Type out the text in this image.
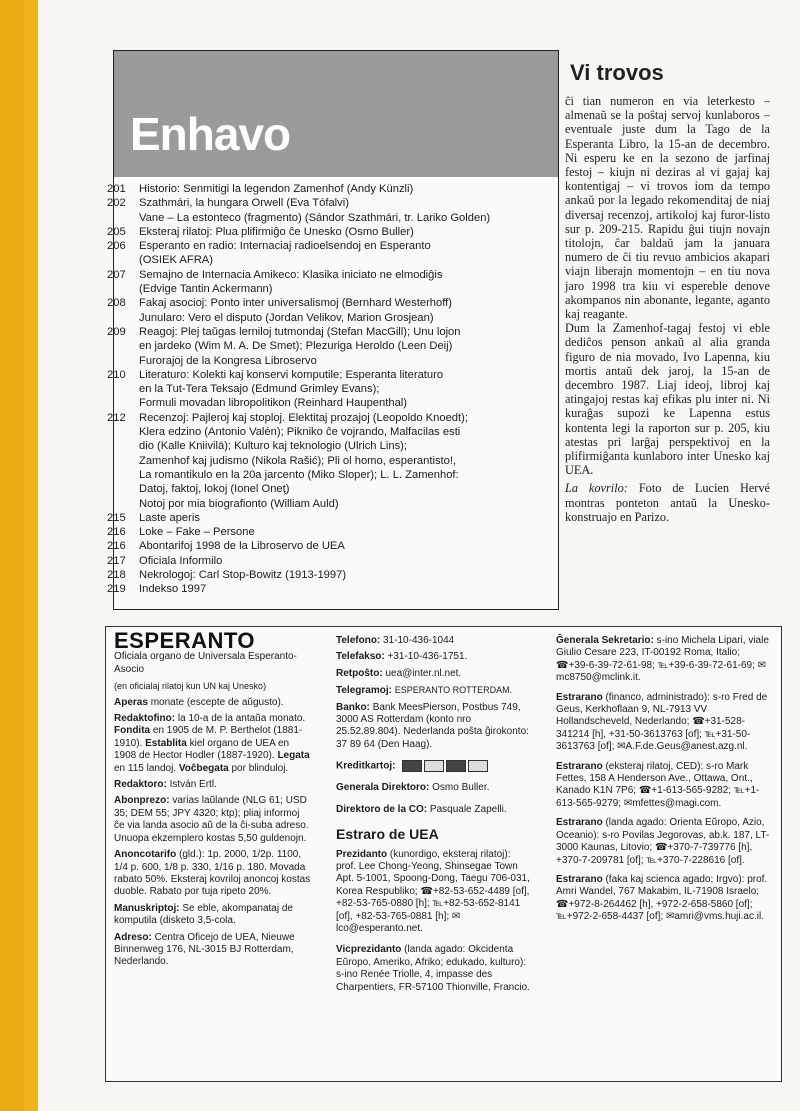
Enhavo
201	Historio: Senmitigi la legendon Zamenhof (Andy Künzli)
202	Szathmári, la hungara Orwell (Eva Tófalvi)
Vane – La estonteco (fragmento) (Sándor Szathmári, tr. Lariko Golden)
205	Eksteraj rilatoj: Plua plifirmiĝo ĉe Unesko (Osmo Buller)
206	Esperanto en radio: Internaciaj radioelsendoj en Esperanto
(OSIEK AFRA)
207	Semajno de Internacia Amikeco: Klasika iniciato ne elmodiĝis
(Edvige Tantin Ackermann)
208	Fakaj asocioj: Ponto inter universalismoj (Bernhard Westerhoff)
Junularo: Vero el disputo (Jordan Velikov, Marion Grosjean)
209	Reagoj: Plej taŭgas lerniloj tutmondaj (Stefan MacGill); Unu lojon
en jardeko (Wim M. A. De Smet); Plezuriga Heroldo (Leen Deij)
Furorajoj de la Kongresa Libroservo
210	Literaturo: Kolekti kaj konservi komputile; Esperanta literaturo
en la Tut-Tera Teksajo (Edmund Grimley Evans);
Formuli movadan libropolitikon (Reinhard Haupenthal)
212	Recenzoj: Pajleroj kaj stoploj. Elektitaj prozajoj (Leopoldo Knoedt);
Klera edzino (Antonio Valén); Pikniko ĉe vojrando, Malfacilas esti
dio (Kalle Kniivilä); Kulturo kaj teknologio (Ulrich Lins);
Zamenhof kaj judismo (Nikola Rašić); Pli ol homo, esperantisto!,
La romantikulo en la 20a jarcento (Miko Sloper); L. L. Zamenhof:
Datoj, faktoj, lokoj (Ionel Oneţ)
Notoj por mia biografionto (William Auld)
215	Laste aperis
216	Loke – Fake – Persone
216	Abontarifoj 1998 de la Libroservo de UEA
217	Oficiala Informilo
218	Nekrologoj: Carl Stop-Bowitz (1913-1997)
219	Indekso 1997
Vi trovos

ĉi tian numeron en via leterkesto – almenaŭ se la poŝtaj servoj kunlaboros – eventuale juste dum la Tago de la Esperanta Libro, la 15-an de decembro. Ni esperu ke en la sezono de jarfinaj festoj – kiujn ni deziras al vi gajaj kaj kontentigaj – vi trovos iom da tempo ankaŭ por la legado rekomenditaj de niaj diversaj recenzoj, artikoloj kaj furor-listo sur p. 209-215. Rapidu ĝui tiujn novajn titolojn, ĉar baldaŭ jam la januara numero de ĉi tiu revuo ambicios akapari viajn liberajn momentojn – en tiu nova jaro 1998 tra kiu vi espereble denove akompanos nin abonante, legante, aganto kaj reagante.

Dum la Zamenhof-tagaj festoj vi eble dediĉos penson ankaŭ al alia granda figuro de nia movado, Ivo Lapenna, kiu mortis antaŭ dek jaroj, la 15-an de decembro 1987. Liaj ideoj, libroj kaj atingajoj restas kaj efikas plu inter ni. Ni kuraĝas supozi ke Lapenna estus kontenta legi la raporton sur p. 205, kiu atestas pri larĝaj perspektivoj en la plifirmiĝanta kunlaboro inter Unesko kaj UEA.

La kovrilo: Foto de Lucien Hervé montras ponteton antaŭ la Unesko-konstruajo en Parizo.

ESPERANTO

Oficiala organo de Universala Esperanto-Asocio

(en oficialaj rilatoj kun UN kaj Unesko)

Aperas monate (escepte de aŭgusto).

Redaktofino: la 10-a de la antaŭa monato. Fondita en 1905 de M. P. Berthelot (1881-1910). Establita kiel organo de UEA en 1908 de Hector Hodler (1887-1920). Legata en 115 landoj. Voĉbegata por blinduloj.

Redaktoro: István Ertl.

Abonprezo: varias laŭlande (NLG 61; USD 35; DEM 55; JPY 4320; ktp); pliaj informoj ĉe via landa asocio aŭ de la ĉi-suba adreso. Unuopa ekzemplero kostas 5,50 guldenojn.

Anoncotarifo (gld.): 1p. 2000, 1/2p. 1100, 1/4 p. 600, 1/8 p. 330, 1/16 p. 180. Movada rabato 50%. Eksteraj kovriloj anoncoj kostas duoble. Rabato por tuja ripeto 20%.

Manuskriptoj: Se eble, akompanataj de komputila (disketo 3,5-cola.

Adreso: Centra Oficejo de UEA, Nieuwe Binnenweg 176, NL-3015 BJ Rotterdam, Nederlando.

Telefono: 31-10-436-1044

Telefakso: +31-10-436-1751.

Retpoŝto: uea@inter.nl.net.

Telegramoj: ESPERANTO ROTTERDAM.

Banko: Bank MeesPierson, Postbus 749, 3000 AS Rotterdam (konto nro 25.52.89.804). Nederlanda poŝta ĝirokonto: 37 89 64 (Den Haag).

Kreditkartoj:

Generala Direktoro: Osmo Buller.

Direktoro de la CO: Pasquale Zapelli.

Estraro de UEA

Prezidanto (kunordigo, eksteraj rilatoj): prof. Lee Chong-Yeong, Shinsegae Town Apt. 5-1001, Spoong-Dong, Taegu 706-031, Korea Respubliko; ☎+82-53-652-4489 [of], +82-53-765-0880 [h]; ℡+82-53-652-8141 [of], +82-53-765-0881 [h]; ✉lco@esperanto.net.

Vicprezidanto (landa agado: Okcidenta Eŭropo, Ameriko, Afriko; edukado, kulturo): s-ino Renée Triolle, 4, impasse des Charpentiers, FR-57100 Thionville, Francio.

Ĝenerala Sekretario: s-ino Michela Lipari, viale Giulio Cesare 223, IT-00192 Roma, Italio; ☎+39-6-39-72-61-98; ℡+39-6-39-72-61-69; ✉mc8750@mclink.it.

Estrarano (financo, administrado): s-ro Fred de Geus, Kerkhoflaan 9, NL-7913 VV Hollandscheveld, Nederlando; ☎+31-528-341214 [h], +31-50-3613763 [of]; ℡+31-50-3613763 [of]; ✉A.F.de.Geus@anest.azg.nl.

Estrarano (eksteraj rilatoj, CED): s-ro Mark Fettes, 158 A Henderson Ave., Ottawa, Ont., Kanado K1N 7P6; ☎+1-613-565-9282; ℡+1-613-565-9279; ✉mfettes@magi.com.

Estrarano (landa agado: Orienta Eŭropo, Azio, Oceanio): s-ro Povilas Jegorovas, ab.k. 187, LT-3000 Kaunas, Litovio; ☎+370-7-739776 [h], +370-7-209781 [of]; ℡+370-7-228616 [of].

Estrarano (faka kaj scienca agado; Irgvo): prof. Amri Wandel, 767 Makabim, IL-71908 Israelo; ☎+972-8-264462 [h], +972-2-658-5860 [of]; ℡+972-2-658-4437 [of]; ✉amri@vms.huji.ac.il.
